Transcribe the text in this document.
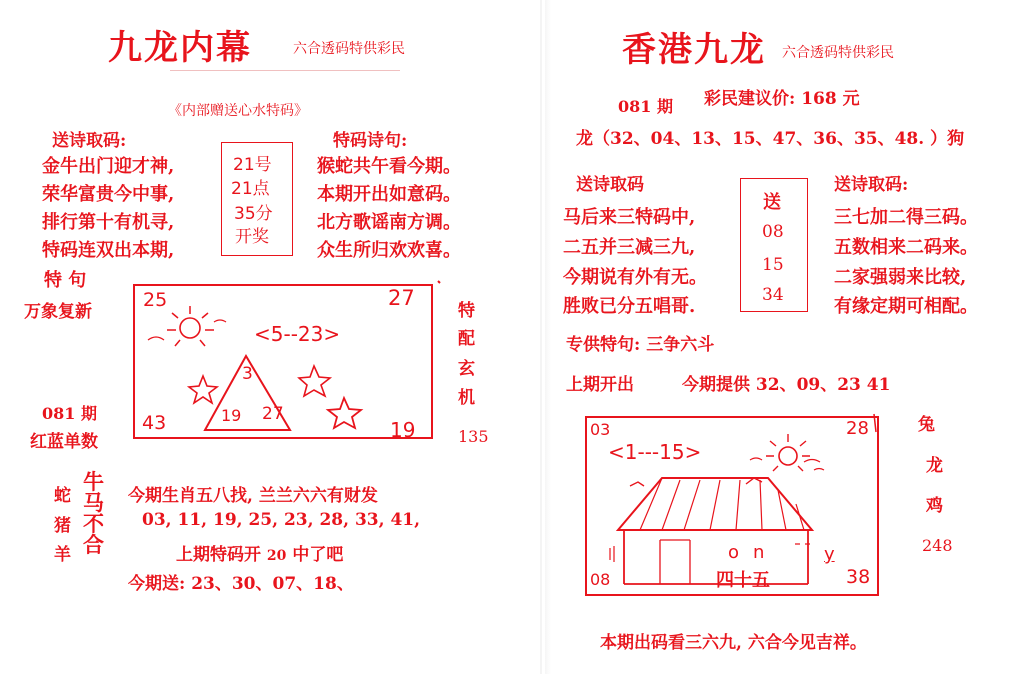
九龙内幕	六合透码特供彩民
《内部赠送心水特码》
送诗取码:
金牛出门迎才神,
荣华富贵今中事,
排行第十有机寻,
特码连双出本期,
21号
21点
35分
开奖
特码诗句:
猴蛇共午看今期。
本期开出如意码。
北方歌谣南方调。
众生所归欢欢喜。
特 句
万象复新
081 期
红蓝单数
特
配
玄
机
135
25	27
<5--23>
3
19 27
43	19
蛇
猪
羊
牛
马
不
合
今期生肖五八找, 兰兰六六有财发
03, 11, 19, 25, 23, 28, 33, 41,
上期特码开 20 中了吧
今期送: 23、30、07、18、
香港九龙 六合透码特供彩民
081 期 彩民建议价: 168 元
龙（32、04、13、15、47、36、35、48. ）狗
送诗取码
马后来三特码中,
二五并三减三九,
今期说有外有无。
胜败已分五唱哥.
送
08
15
34
送诗取码:
三七加二得三码。
五数相来二码来。
二家强弱来比较,
有缘定期可相配。
专供特句: 三争六斗
上期开出	今期提供 32、09、23 41
兔
龙
鸡
248
03
<1---15>
28
08	38
四十五
on	y
本期出码看三六九, 六合今见吉祥。
